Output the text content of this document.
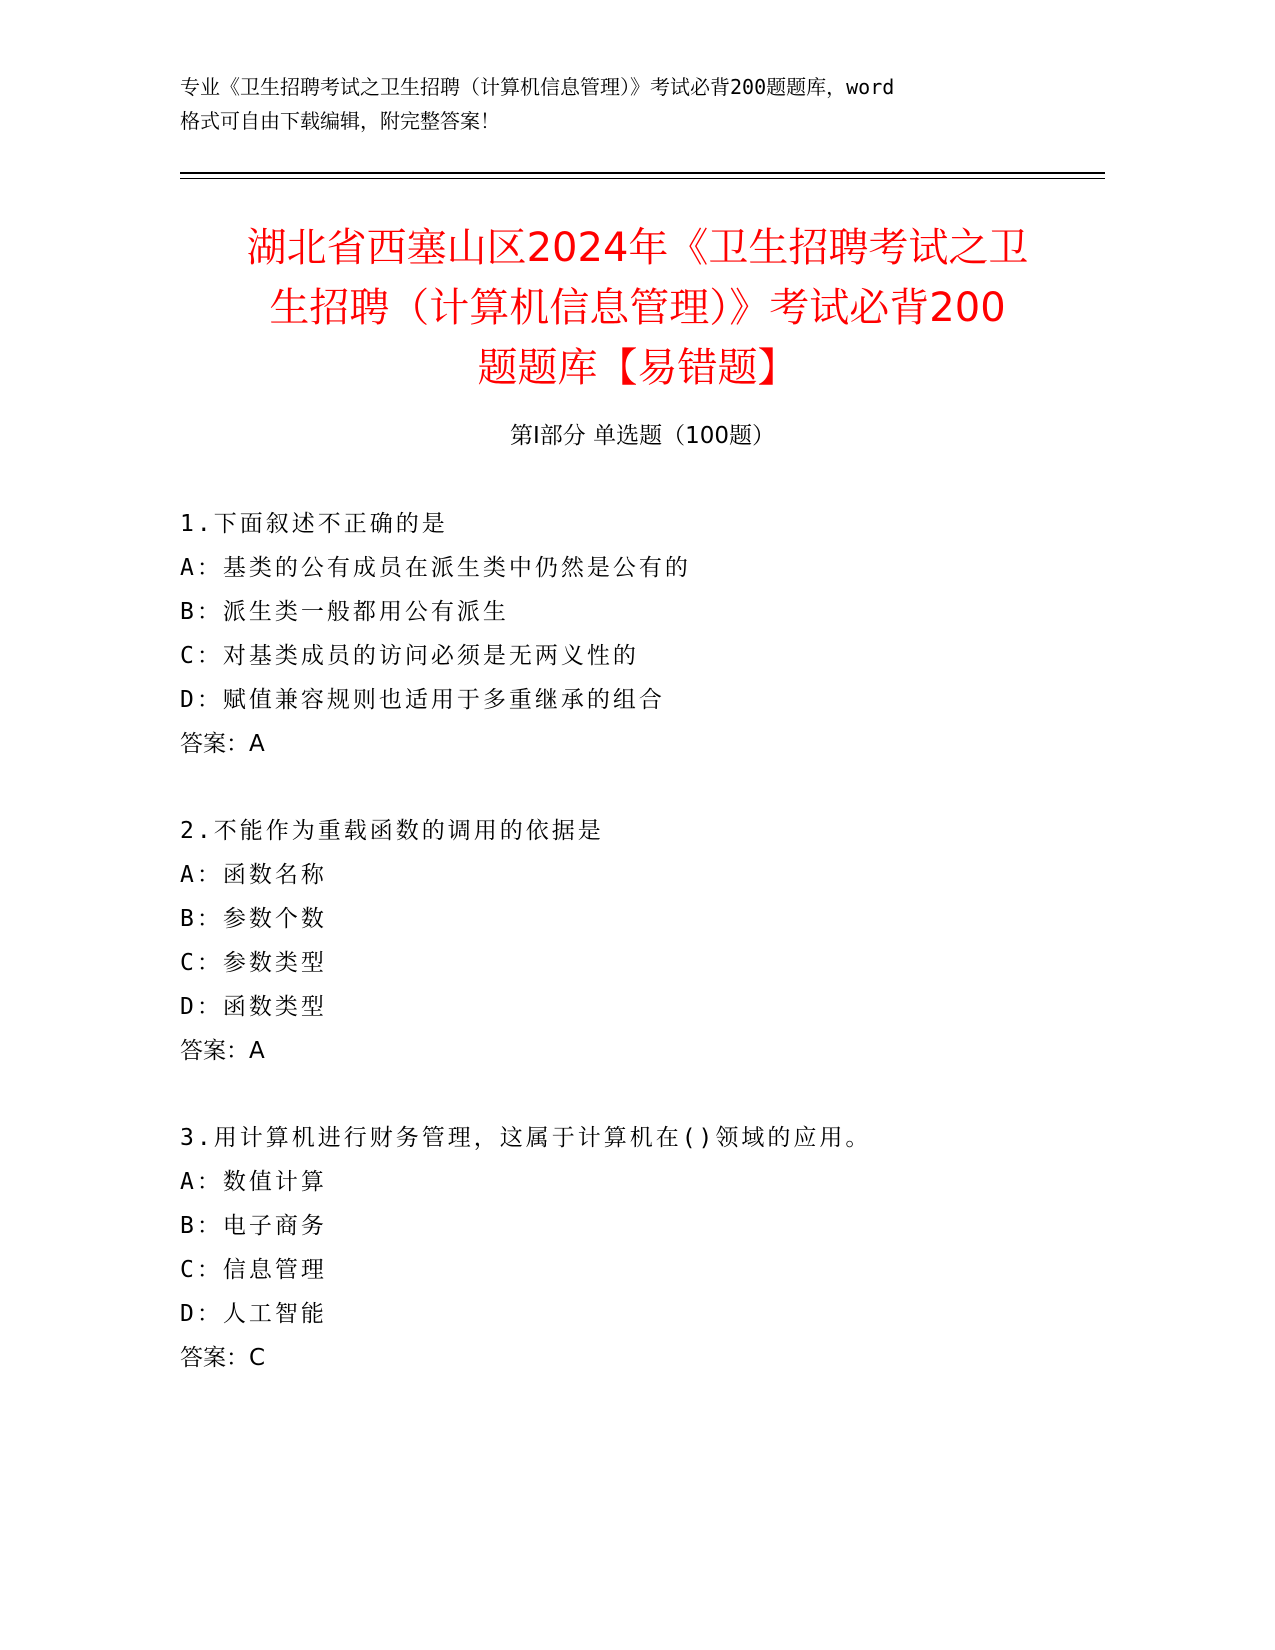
专业《卫生招聘考试之卫生招聘（计算机信息管理）》考试必背200题题库，word
格式可自由下载编辑，附完整答案！
湖北省西塞山区2024年《卫生招聘考试之卫
生招聘（计算机信息管理）》考试必背200
题题库【易错题】
第Ⅰ部分 单选题（100题）
1.下面叙述不正确的是
A：基类的公有成员在派生类中仍然是公有的
B：派生类一般都用公有派生
C：对基类成员的访问必须是无两义性的
D：赋值兼容规则也适用于多重继承的组合
答案：A
2.不能作为重载函数的调用的依据是
A：函数名称
B：参数个数
C：参数类型
D：函数类型
答案：A
3.用计算机进行财务管理，这属于计算机在()领域的应用。
A：数值计算
B：电子商务
C：信息管理
D：人工智能
答案：C
